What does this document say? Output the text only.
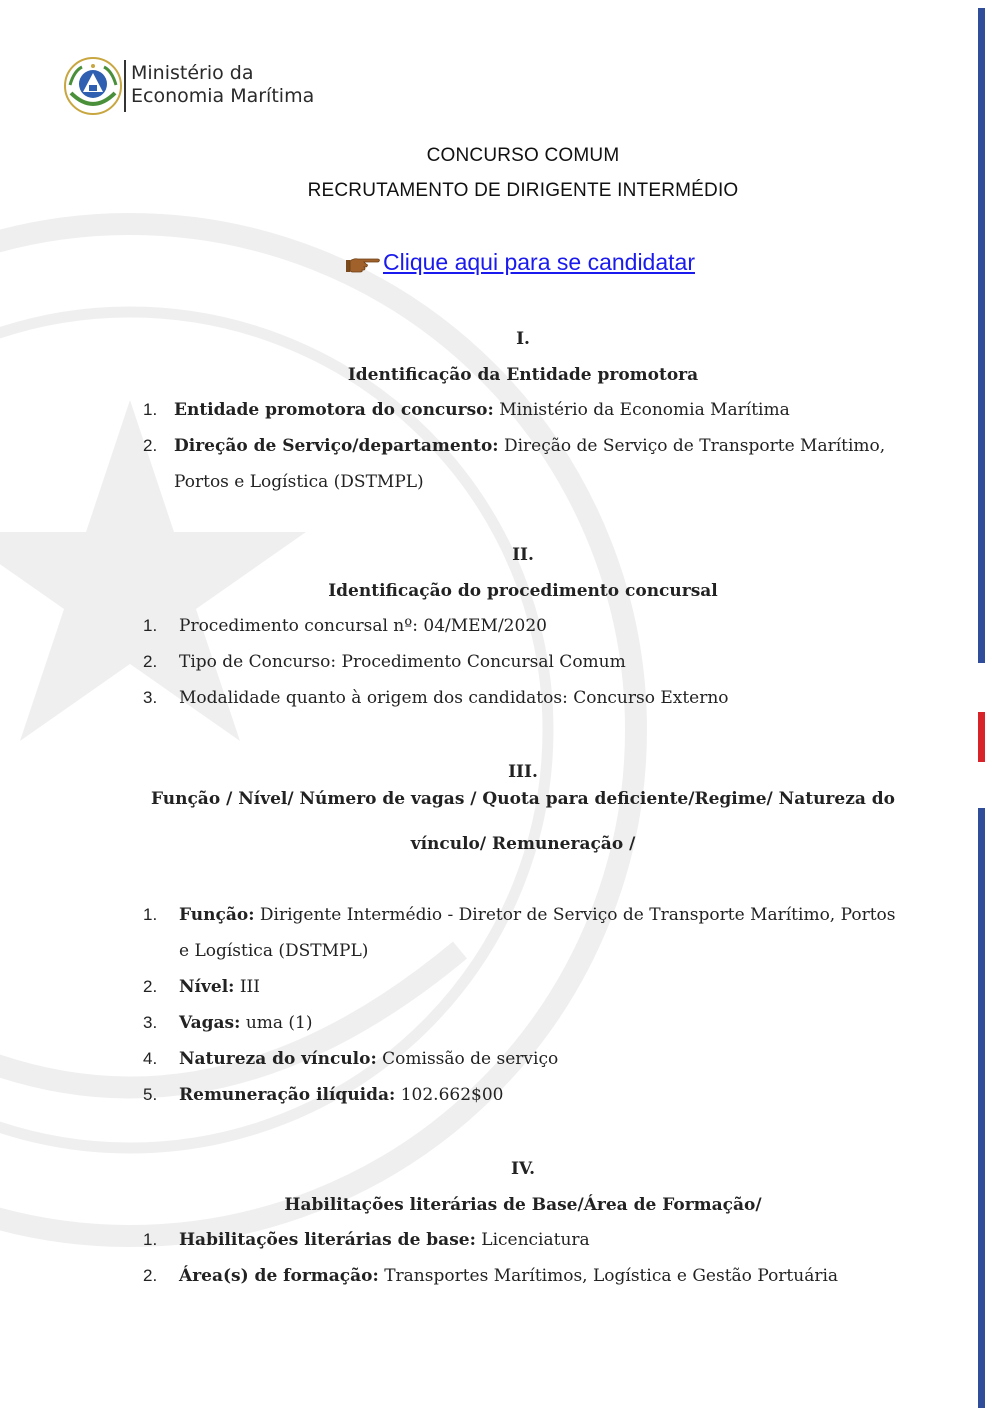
Ministério da
Economia Marítima
CONCURSO COMUM
RECRUTAMENTO DE DIRIGENTE INTERMÉDIO
Clique aqui para se candidatar
I.
Identificação da Entidade promotora
1. Entidade promotora do concurso: Ministério da Economia Marítima
2. Direção de Serviço/departamento: Direção de Serviço de Transporte Marítimo,
Portos e Logística (DSTMPL)
II.
Identificação do procedimento concursal
1. Procedimento concursal nº: 04/MEM/2020
2. Tipo de Concurso: Procedimento Concursal Comum
3. Modalidade quanto à origem dos candidatos: Concurso Externo
III.
Função / Nível/ Número de vagas / Quota para deficiente/Regime/ Natureza do
vínculo/ Remuneração /
1. Função: Dirigente Intermédio - Diretor de Serviço de Transporte Marítimo, Portos
e Logística (DSTMPL)
2. Nível: III
3. Vagas: uma (1)
4. Natureza do vínculo: Comissão de serviço
5. Remuneração ilíquida: 102.662$00
IV.
Habilitações literárias de Base/Área de Formação/
1. Habilitações literárias de base: Licenciatura
2. Área(s) de formação: Transportes Marítimos, Logística e Gestão Portuária
